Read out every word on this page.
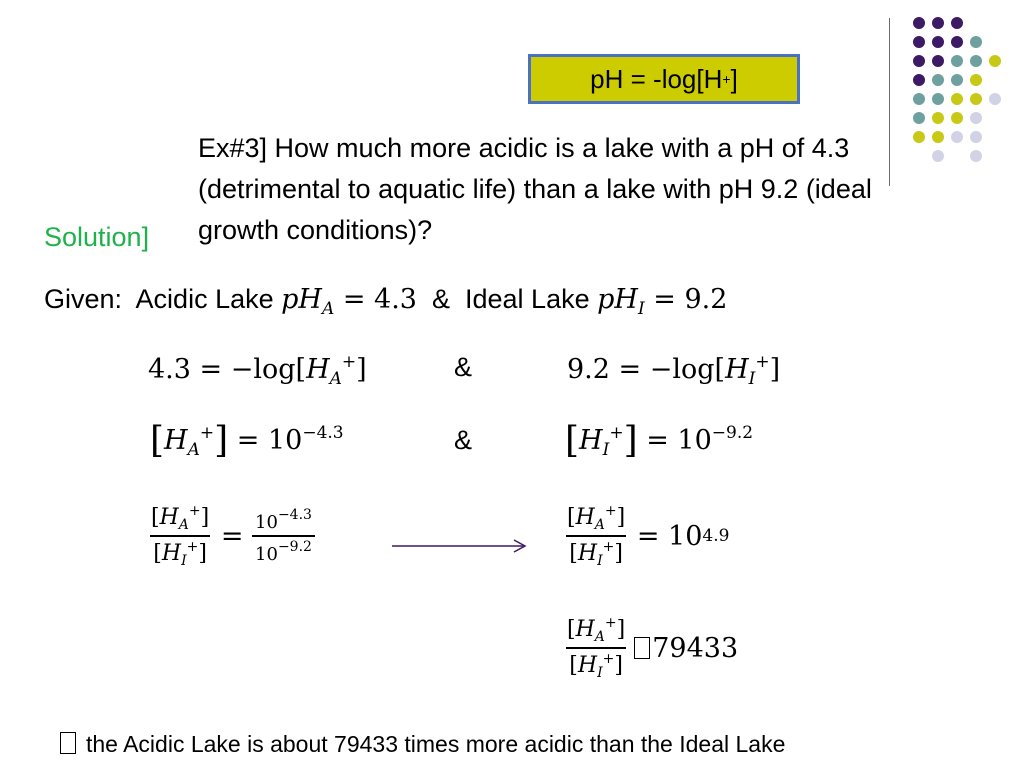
pH = -log[H + ]
Ex#3] How much more acidic is a lake with a pH of 4.3 (detrimental to aquatic life) than a lake with pH 9.2 (ideal growth conditions)?
Solution]
Given:  Acidic Lake $pH_A = 4.3$  &  Ideal Lake $pH_I = 9.2$
$4.3 = -\log[H_A^+]$	&	$9.2 = -\log[H_I^+]$
$[H_A^+] = 10^{-4.3}$	&	$[H_I^+] = 10^{-9.2}$
$\frac{[H_A^+]}{[H_I^+]} = \frac{10^{-4.3}}{10^{-9.2}}$	$\frac{[H_A^+]}{[H_I^+]} = 10$ 4.9
$\frac{[H_A^+]}{[H_I^+]} 79433$
the Acidic Lake is about 79433 times more acidic than the Ideal Lake
